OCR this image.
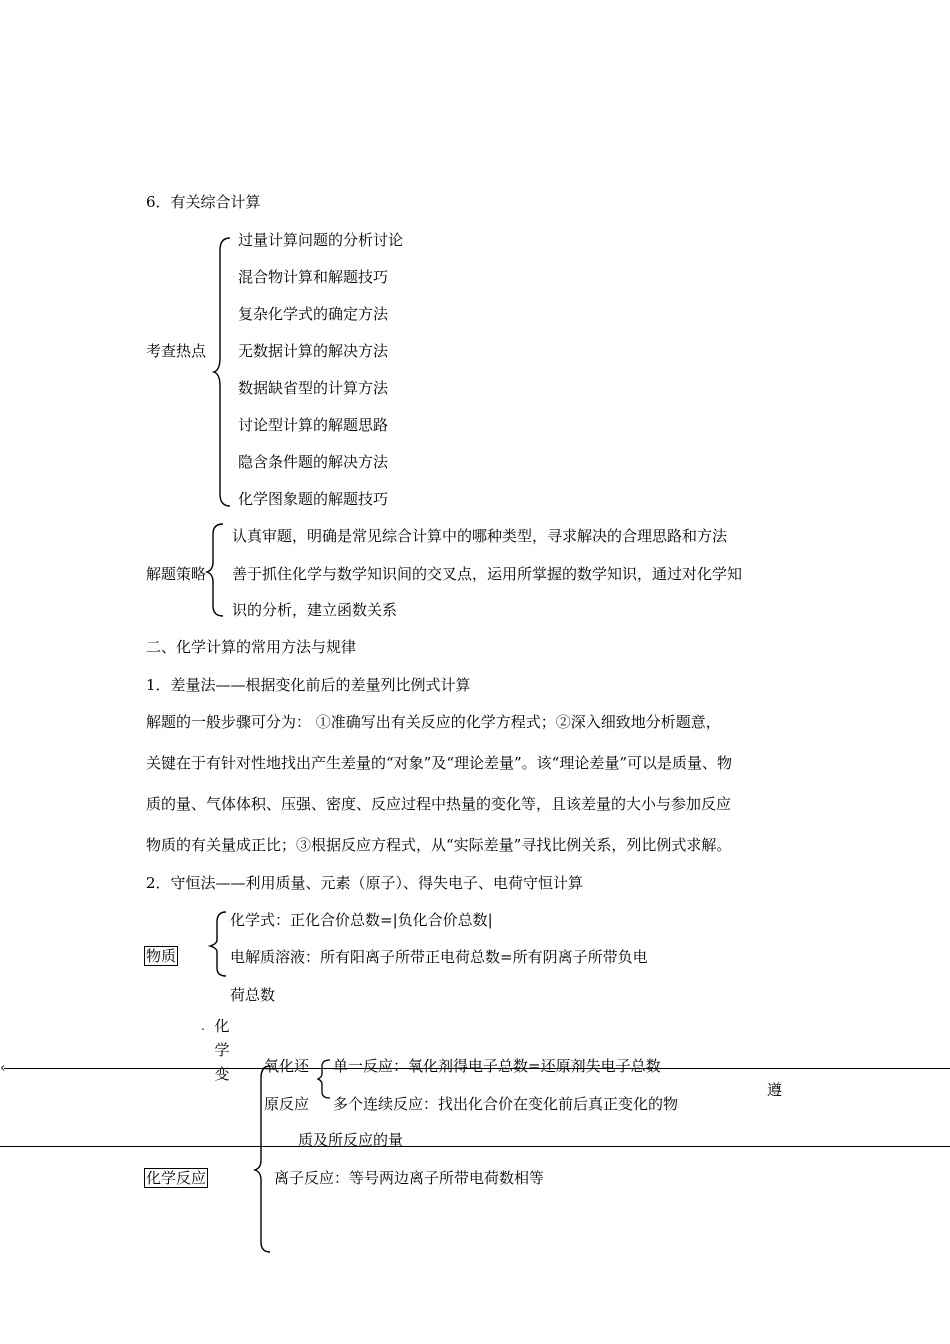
6．有关综合计算
考查热点
过量计算问题的分析讨论
混合物计算和解题技巧
复杂化学式的确定方法
无数据计算的解决方法
数据缺省型的计算方法
讨论型计算的解题思路
隐含条件题的解决方法
化学图象题的解题技巧
解题策略
认真审题，明确是常见综合计算中的哪种类型，寻求解决的合理思路和方法
善于抓住化学与数学知识间的交叉点，运用所掌握的数学知识，通过对化学知
识的分析，建立函数关系
二、化学计算的常用方法与规律
1．差量法——根据变化前后的差量列比例式计算
解题的一般步骤可分为： ①准确写出有关反应的化学方程式；②深入细致地分析题意，
关键在于有针对性地找出产生差量的“对象”及“理论差量”。该“理论差量”可以是质量、物
质的量、气体体积、压强、密度、反应过程中热量的变化等，且该差量的大小与参加反应
物质的有关量成正比；③根据反应方程式，从“实际差量”寻找比例关系，列比例式求解。
2．守恒法——利用质量、元素（原子）、得失电子、电荷守恒计算
物质
化学式：正化合价总数=|负化合价总数|
电解质溶液：所有阳离子所带正电荷总数=所有阴离子所带负电
荷总数
. 化
学
变
‹	氧化还
原反应
单一反应：氧化剂得电子总数=还原剂失电子总数
多个连续反应：找出化合价在变化前后真正变化的物
质及所反应的量
遵
化学反应	离子反应：等号两边离子所带电荷数相等
